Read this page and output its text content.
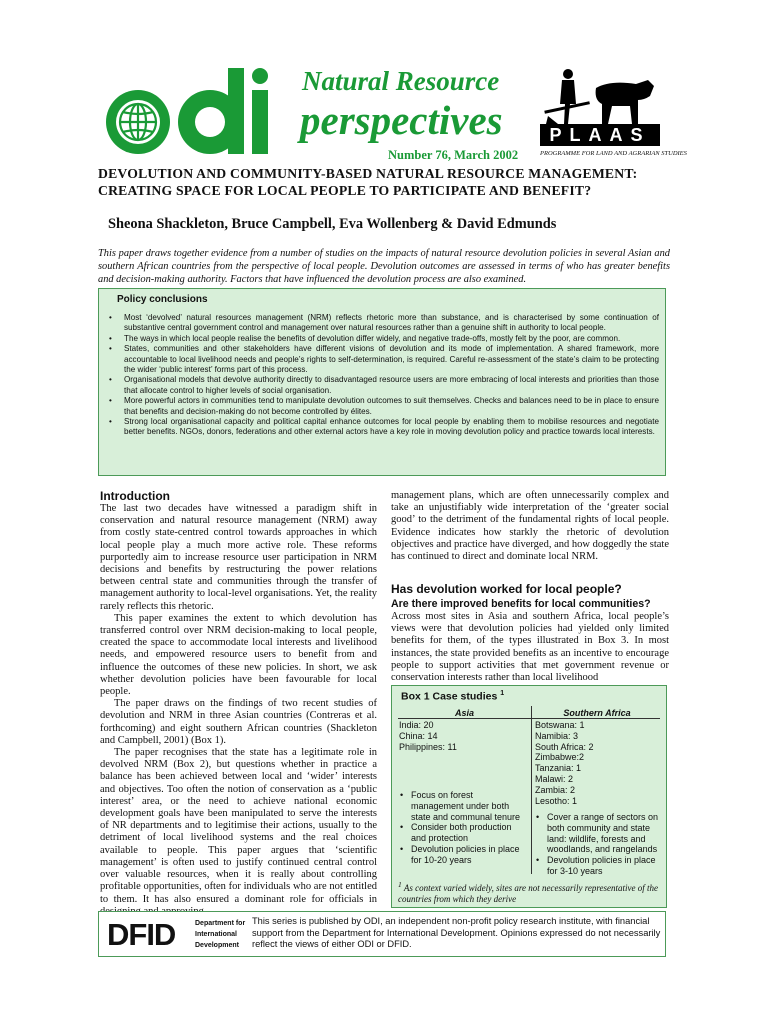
Natural Resource
perspectives
Number 76, March 2002
PLAAS
PROGRAMME FOR LAND AND AGRARIAN STUDIES
DEVOLUTION AND COMMUNITY-BASED NATURAL RESOURCE MANAGEMENT: CREATING SPACE FOR LOCAL PEOPLE TO PARTICIPATE AND BENEFIT?
Sheona Shackleton, Bruce Campbell, Eva Wollenberg & David Edmunds
This paper draws together evidence from a number of studies on the impacts of natural resource devolution policies in several Asian and southern African countries from the perspective of local people. Devolution outcomes are assessed in terms of who has greater benefits and decision-making authority. Factors that have influenced the devolution process are also examined.
Policy conclusions
• Most ‘devolved’ natural resources management (NRM) reflects rhetoric more than substance, and is characterised by some continuation of substantive central government control and management over natural resources rather than a genuine shift in authority to local people.
• The ways in which local people realise the benefits of devolution differ widely, and negative trade-offs, mostly felt by the poor, are common.
• States, communities and other stakeholders have different visions of devolution and its mode of implementation. A shared framework, more accountable to local livelihood needs and people’s rights to self-determination, is required. Careful re-assessment of the state’s claim to be protecting the wider ‘public interest’ forms part of this process.
• Organisational models that devolve authority directly to disadvantaged resource users are more embracing of local interests and priorities than those that allocate control to higher levels of social organisation.
• More powerful actors in communities tend to manipulate devolution outcomes to suit themselves. Checks and balances need to be in place to ensure that benefits and decision-making do not become controlled by élites.
• Strong local organisational capacity and political capital enhance outcomes for local people by enabling them to mobilise resources and negotiate better benefits. NGOs, donors, federations and other external actors have a key role in moving devolution policy and practice towards local interests.
Introduction

The last two decades have witnessed a paradigm shift in conservation and natural resource management (NRM) away from costly state-centred control towards approaches in which local people play a much more active role. These reforms purportedly aim to increase resource user participation in NRM decisions and benefits by restructuring the power relations between central state and communities through the transfer of management authority to local-level organisations. Yet, the reality rarely reflects this rhetoric.

This paper examines the extent to which devolution has transferred control over NRM decision-making to local people, created the space to accommodate local interests and livelihood needs, and empowered resource users to benefit from and influence the outcomes of these new policies. In short, we ask whether devolution policies have been favourable for local people.

The paper draws on the findings of two recent studies of devolution and NRM in three Asian countries (Contreras et al. forthcoming) and eight southern African countries (Shackleton and Campbell, 2001) (Box 1).

The paper recognises that the state has a legitimate role in devolved NRM (Box 2), but questions whether in practice a balance has been achieved between local and ‘wider’ interests and objectives. Too often the notion of conservation as a ‘public interest’ area, or the need to achieve national economic development goals have been manipulated to serve the interests of NR departments and to legitimise their actions, usually to the detriment of local livelihood systems and the real choices available to people. This paper argues that ‘scientific management’ is often used to justify continued central control over valuable resources, when it is really about controlling profitable opportunities, often for individuals who are not entitled to them. It has also ensured a dominant role for officials in

management plans, which are often unnecessarily complex and take an unjustifiably wide interpretation of the ‘greater social good’ to the detriment of the fundamental rights of local people. Evidence indicates how starkly the rhetoric of devolution objectives and practice have diverged, and how doggedly the state has continued to direct and dominate local NRM.

Has devolution worked for local people?
Are there improved benefits for local communities?

Across most sites in Asia and southern Africa, local people’s views were that devolution policies had yielded only limited benefits for them, of the types illustrated in Box 3. In most instances, the state provided benefits as an incentive to encourage people to support activities that met government revenue or conservation interests rather than local livelihood

Box 1 Case studies $^1$
Asia	Southern Africa
India: 20
China: 14
Philippines: 11
Botswana: 1
Namibia: 3
South Africa: 2
Zimbabwe:2
Tanzania: 1
Malawi: 2
Zambia: 2
Lesotho: 1
• Focus on forest management under both state and communal tenure
• Consider both production and protection
• Devolution policies in place for 10-20 years
• Cover a range of sectors on both community and state land: wildlife, forests and woodlands, and rangelands
• Devolution policies in place for 3-10 years
$^1$ As context varied widely, sites are not necessarily representative of the countries from which they derive
DFID	Department for
International
Development
This series is published by ODI, an independent non-profit policy research institute, with financial support from the Department for International Development. Opinions expressed do not necessarily reflect the views of either ODI or DFID.
